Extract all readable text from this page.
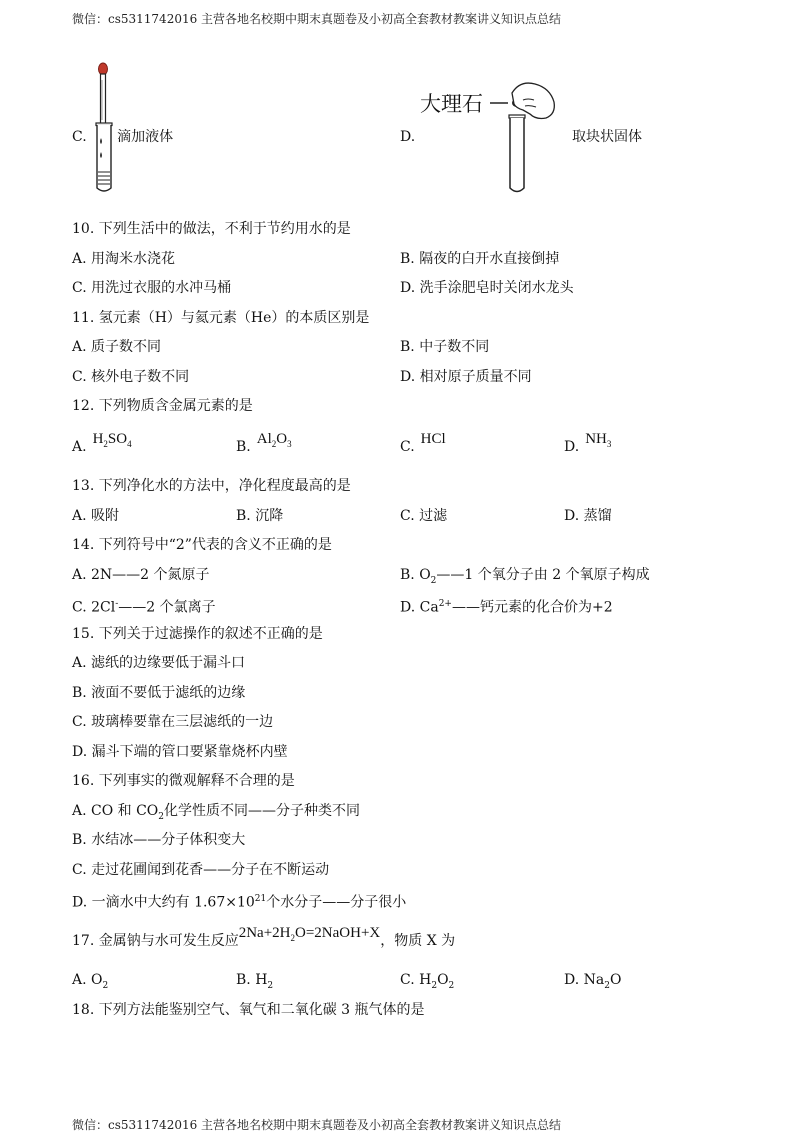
微信：cs5311742016 主营各地名校期中期末真题卷及小初高全套教材教案讲义知识点总结
C. 滴加液体	D.
大理石
取块状固体
10. 下列生活中的做法，不利于节约用水的是
A. 用淘米水浇花	B. 隔夜的白开水直接倒掉
C. 用洗过衣服的水冲马桶	D. 洗手涂肥皂时关闭水龙头
11. 氢元素（H）与氦元素（He）的本质区别是
A. 质子数不同	B. 中子数不同
C. 核外电子数不同	D. 相对原子质量不同
12. 下列物质含金属元素的是
A. $H_2SO_4$	B. $Al_2O_3$	C. HCl	D. $NH_3$
13. 下列净化水的方法中，净化程度最高的是
A. 吸附	B. 沉降	C. 过滤	D. 蒸馏
14. 下列符号中“2”代表的含义不正确的是
A. 2N——2 个氮原子	B. $O_2——1$ 个氧分子由 2 个氧原子构成
C. 2Cl-——2 个氯离子	D. $Ca^{2+}——$钙元素的化合价为+2
15. 下列关于过滤操作的叙述不正确的是
A. 滤纸的边缘要低于漏斗口
B. 液面不要低于滤纸的边缘
C. 玻璃棒要靠在三层滤纸的一边
D. 漏斗下端的管口要紧靠烧杯内壁
16. 下列事实的微观解释不合理的是
A. CO 和 $CO_2$化学性质不同——分子种类不同
B. 水结冰——分子体积变大
C. 走过花圃闻到花香——分子在不断运动
D. 一滴水中大约有 $1.67\times 10^{21}$个水分子——分子很小
17. 金属钠与水可发生反应$2Na+2H_2O=2NaOH+X$，物质 X 为
A. $O_2$	B. $H_2$	C. $H_2O_2$	D. $Na_2O$
18. 下列方法能鉴别空气、氧气和二氧化碳 3 瓶气体的是
微信：cs5311742016 主营各地名校期中期末真题卷及小初高全套教材教案讲义知识点总结
